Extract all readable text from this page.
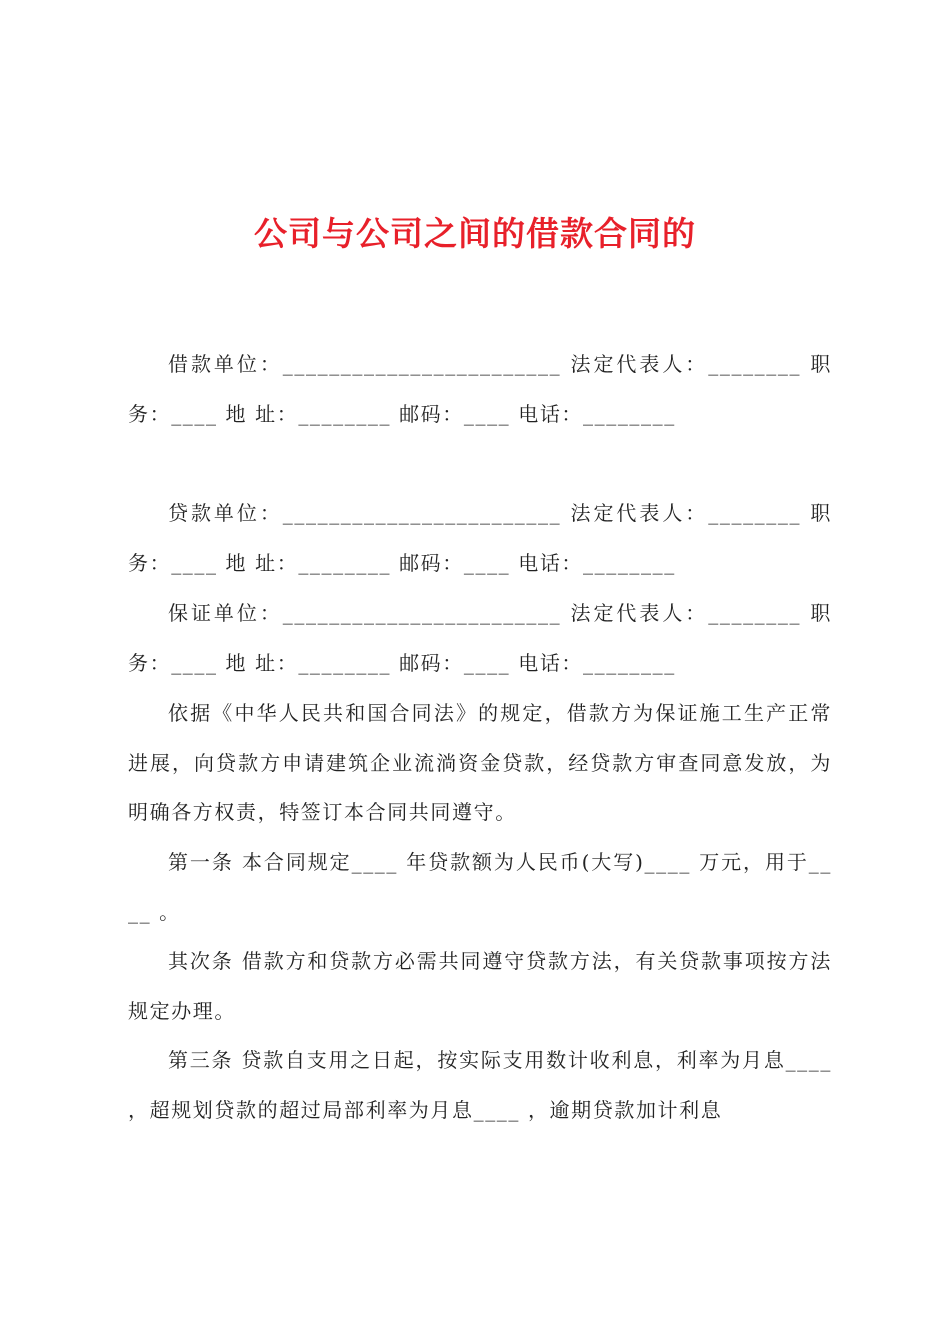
公司与公司之间的借款合同的

借款单位：________________________ 法定代表人：________ 职务：____ 地 址：________ 邮码：____ 电话：________

贷款单位：________________________ 法定代表人：________ 职务：____ 地 址：________ 邮码：____ 电话：________

保证单位：________________________ 法定代表人：________ 职务：____ 地 址：________ 邮码：____ 电话：________

依据《中华人民共和国合同法》的规定，借款方为保证施工生产正常进展，向贷款方申请建筑企业流淌资金贷款，经贷款方审查同意发放，为明确各方权责，特签订本合同共同遵守。

第一条 本合同规定____ 年贷款额为人民币(大写)____ 万元，用于____ 。

其次条 借款方和贷款方必需共同遵守贷款方法，有关贷款事项按方法规定办理。

第三条 贷款自支用之日起，按实际支用数计收利息，利率为月息____ ，超规划贷款的超过局部利率为月息____ ，逾期贷款加计利息
